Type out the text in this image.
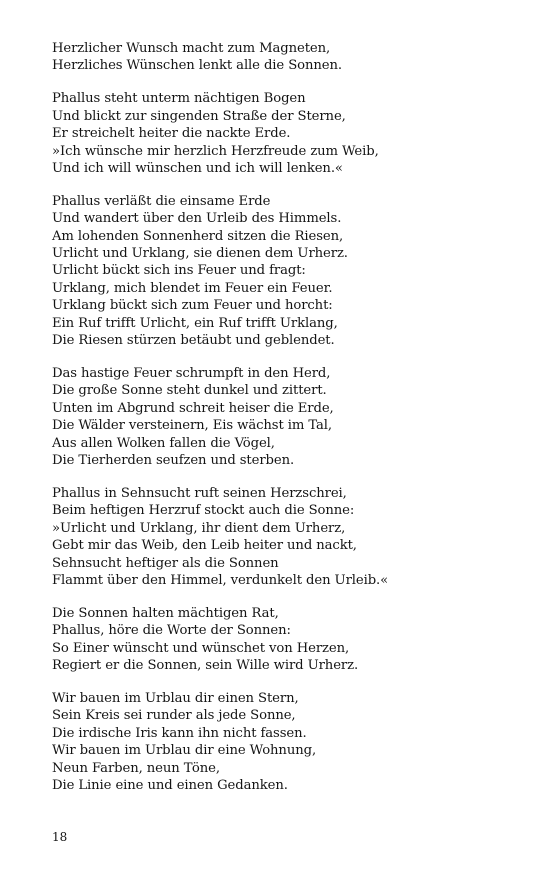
Herzlicher Wunsch macht zum Magneten,
Herzliches Wünschen lenkt alle die Sonnen.
Phallus steht unterm nächtigen Bogen
Und blickt zur singenden Straße der Sterne,
Er streichelt heiter die nackte Erde.
»Ich wünsche mir herzlich Herzfreude zum Weib,
Und ich will wünschen und ich will lenken.«
Phallus verläßt die einsame Erde
Und wandert über den Urleib des Himmels.
Am lohenden Sonnenherd sitzen die Riesen,
Urlicht und Urklang, sie dienen dem Urherz.
Urlicht bückt sich ins Feuer und fragt:
Urklang, mich blendet im Feuer ein Feuer.
Urklang bückt sich zum Feuer und horcht:
Ein Ruf trifft Urlicht, ein Ruf trifft Urklang,
Die Riesen stürzen betäubt und geblendet.
Das hastige Feuer schrumpft in den Herd,
Die große Sonne steht dunkel und zittert.
Unten im Abgrund schreit heiser die Erde,
Die Wälder versteinern, Eis wächst im Tal,
Aus allen Wolken fallen die Vögel,
Die Tierherden seufzen und sterben.
Phallus in Sehnsucht ruft seinen Herzschrei,
Beim heftigen Herzruf stockt auch die Sonne:
»Urlicht und Urklang, ihr dient dem Urherz,
Gebt mir das Weib, den Leib heiter und nackt,
Sehnsucht heftiger als die Sonnen
Flammt über den Himmel, verdunkelt den Urleib.«
Die Sonnen halten mächtigen Rat,
Phallus, höre die Worte der Sonnen:
So Einer wünscht und wünschet von Herzen,
Regiert er die Sonnen, sein Wille wird Urherz.
Wir bauen im Urblau dir einen Stern,
Sein Kreis sei runder als jede Sonne,
Die irdische Iris kann ihn nicht fassen.
Wir bauen im Urblau dir eine Wohnung,
Neun Farben, neun Töne,
Die Linie eine und einen Gedanken.
18
